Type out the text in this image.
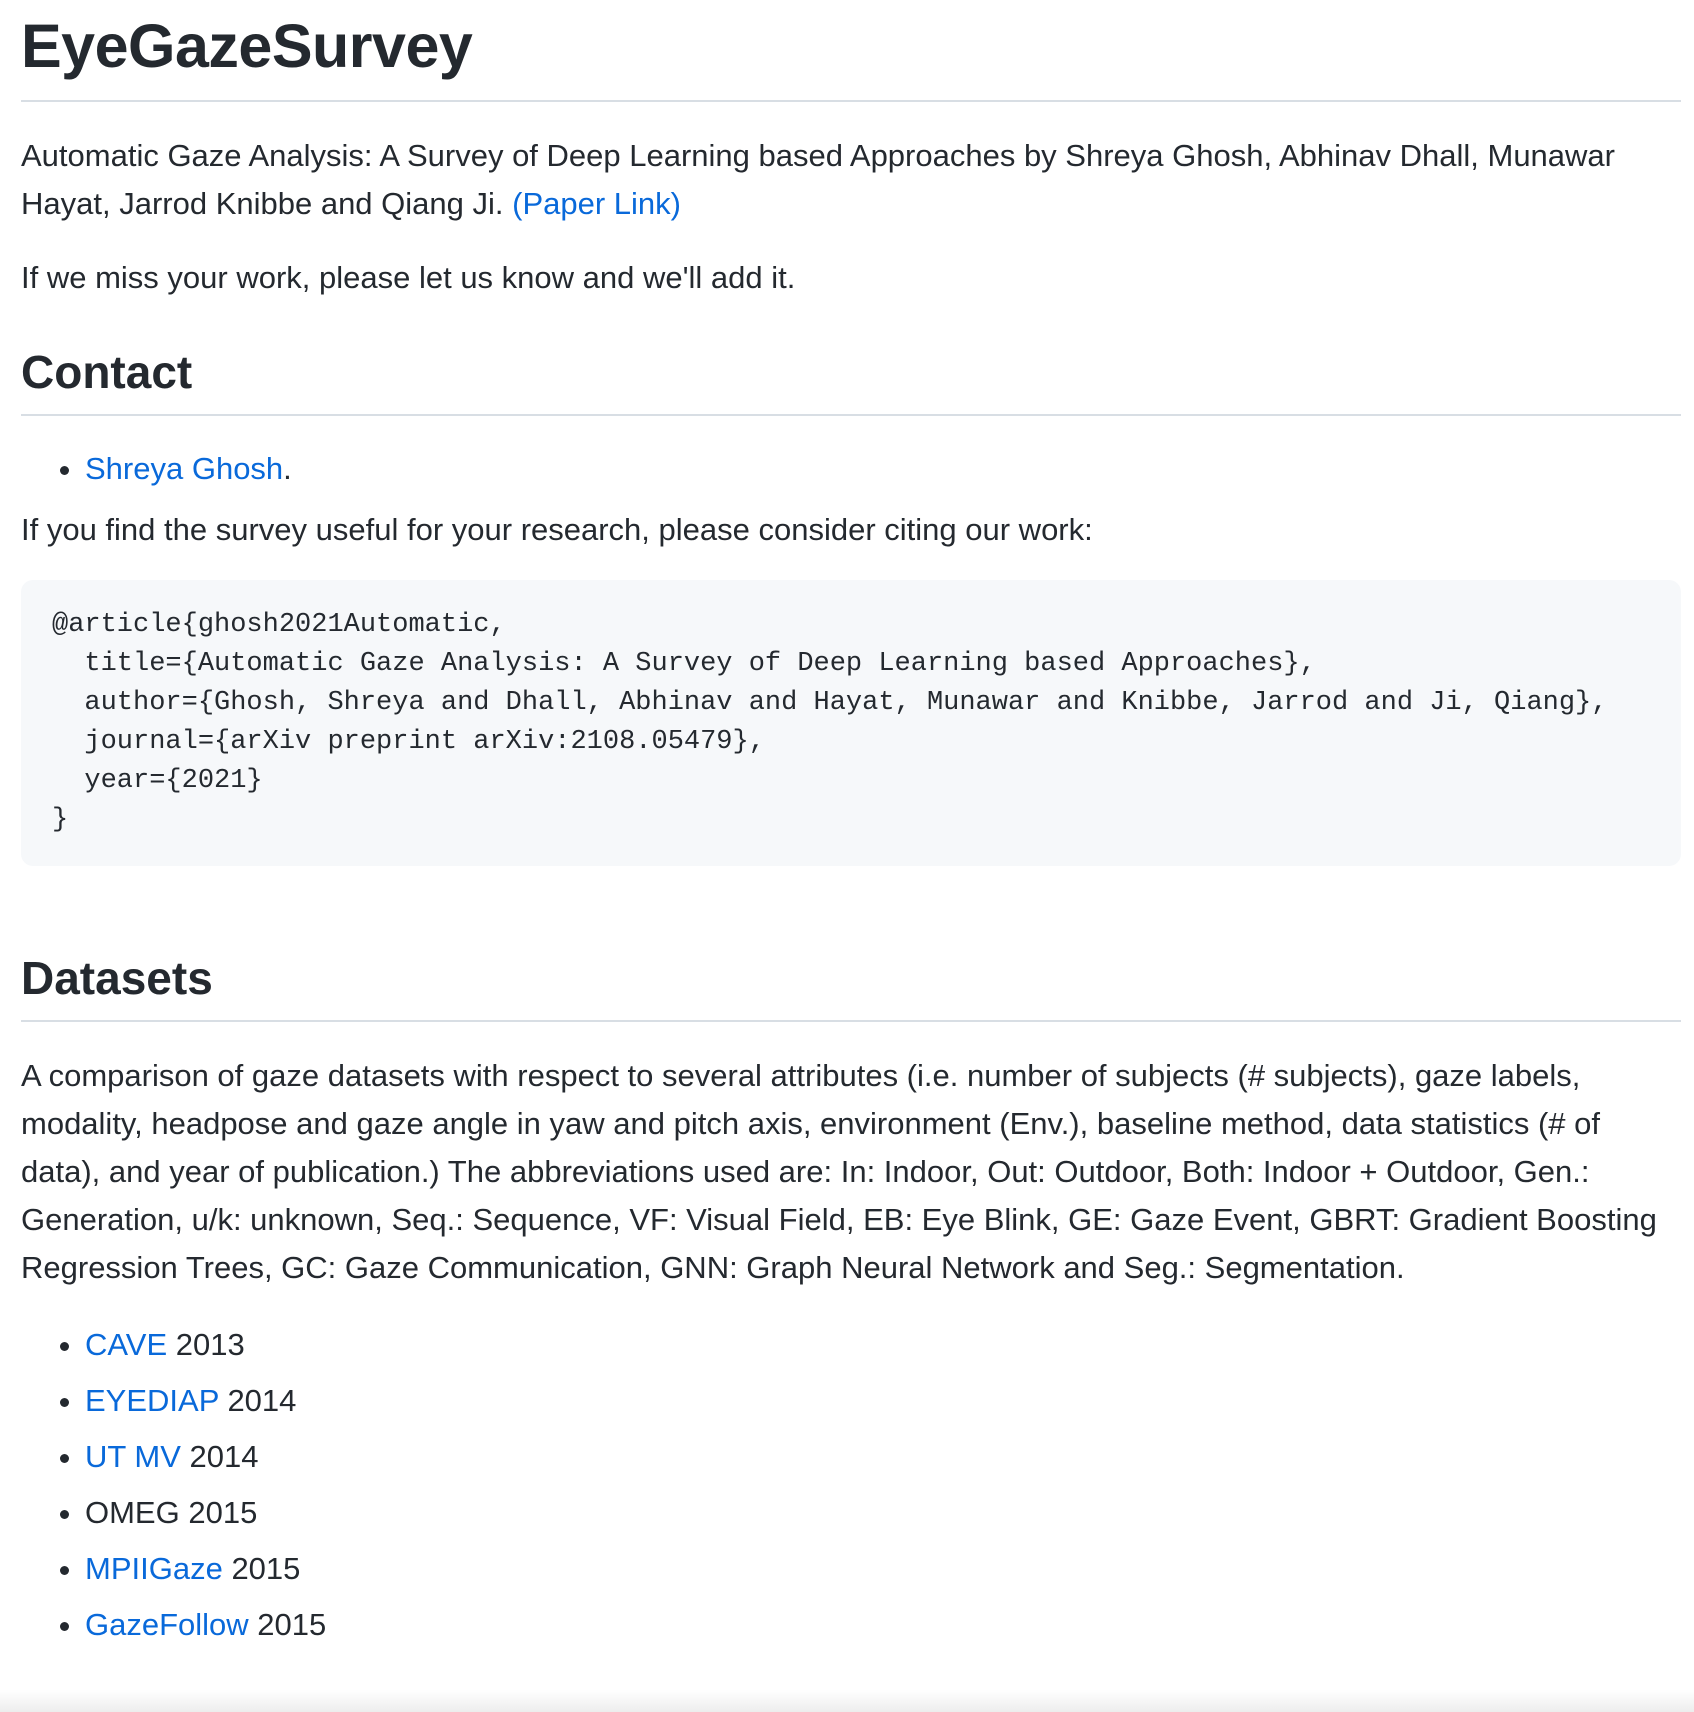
EyeGazeSurvey

Automatic Gaze Analysis: A Survey of Deep Learning based Approaches by Shreya Ghosh, Abhinav Dhall, Munawar Hayat, Jarrod Knibbe and Qiang Ji. (Paper Link)

If we miss your work, please let us know and we'll add it.

Contact
• Shreya Ghosh.

If you find the survey useful for your research, please consider citing our work:

@article{ghosh2021Automatic,
title={Automatic Gaze Analysis: A Survey of Deep Learning based Approaches},
author={Ghosh, Shreya and Dhall, Abhinav and Hayat, Munawar and Knibbe, Jarrod and Ji, Qiang},
journal={arXiv preprint arXiv:2108.05479},
year={2021}
}
Datasets

A comparison of gaze datasets with respect to several attributes (i.e. number of subjects (# subjects), gaze labels, modality, headpose and gaze angle in yaw and pitch axis, environment (Env.), baseline method, data statistics (# of data), and year of publication.) The abbreviations used are: In: Indoor, Out: Outdoor, Both: Indoor + Outdoor, Gen.: Generation, u/k: unknown, Seq.: Sequence, VF: Visual Field, EB: Eye Blink, GE: Gaze Event, GBRT: Gradient Boosting Regression Trees, GC: Gaze Communication, GNN: Graph Neural Network and Seg.: Segmentation.

• CAVE 2013
• EYEDIAP 2014
• UT MV 2014
• OMEG 2015
• MPIIGaze 2015
• GazeFollow 2015
